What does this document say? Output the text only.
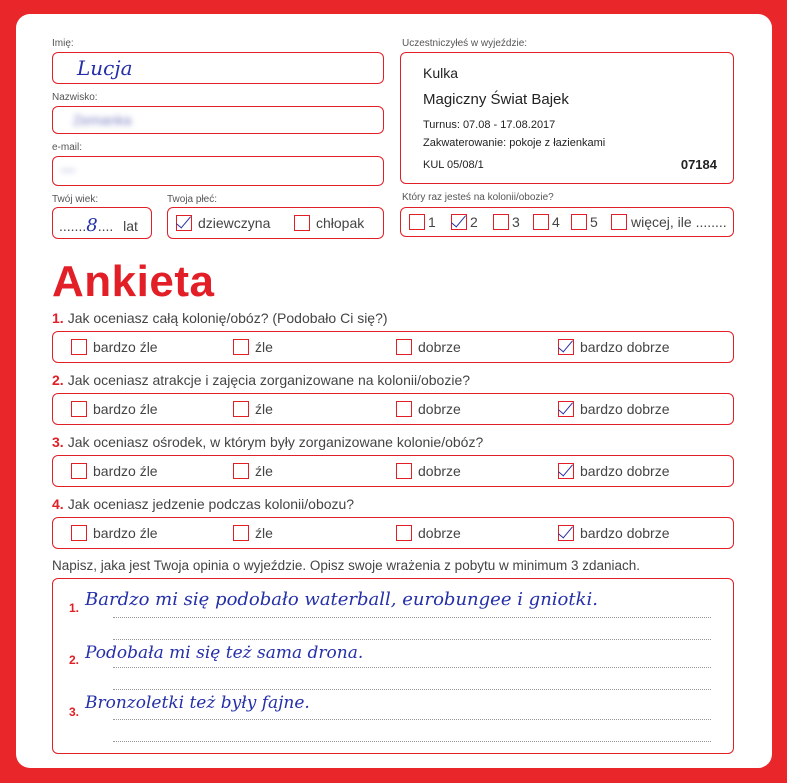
Imię:
Lucja
Nazwisko:
Zemanka
e-mail:
—
Twój wiek:
.......8.... lat
Twoja płeć:
dziewczyna	chłopak
Uczestniczyłeś w wyjeździe:
Kulka
Magiczny Świat Bajek
Turnus: 07.08 - 17.08.2017
Zakwaterowanie: pokoje z łazienkami
KUL 05/08/1	07184
Który raz jesteś na kolonii/obozie?
1 2 3 4 5 więcej, ile ........
Ankieta
1. Jak oceniasz całą kolonię/obóz? (Podobało Ci się?)
bardzo źle	źle	dobrze	bardzo dobrze
2. Jak oceniasz atrakcje i zajęcia zorganizowane na kolonii/obozie?
bardzo źle	źle	dobrze	bardzo dobrze
3. Jak oceniasz ośrodek, w którym były zorganizowane kolonie/obóz?
bardzo źle	źle	dobrze	bardzo dobrze
4. Jak oceniasz jedzenie podczas kolonii/obozu?
bardzo źle	źle	dobrze	bardzo dobrze
Napisz, jaka jest Twoja opinia o wyjeździe. Opisz swoje wrażenia z pobytu w minimum 3 zdaniach.
1. Bardzo mi się podobało waterball, eurobungee i gniotki.
2. Podobała mi się też sama drona.
3. Bronzoletki też były fajne.
